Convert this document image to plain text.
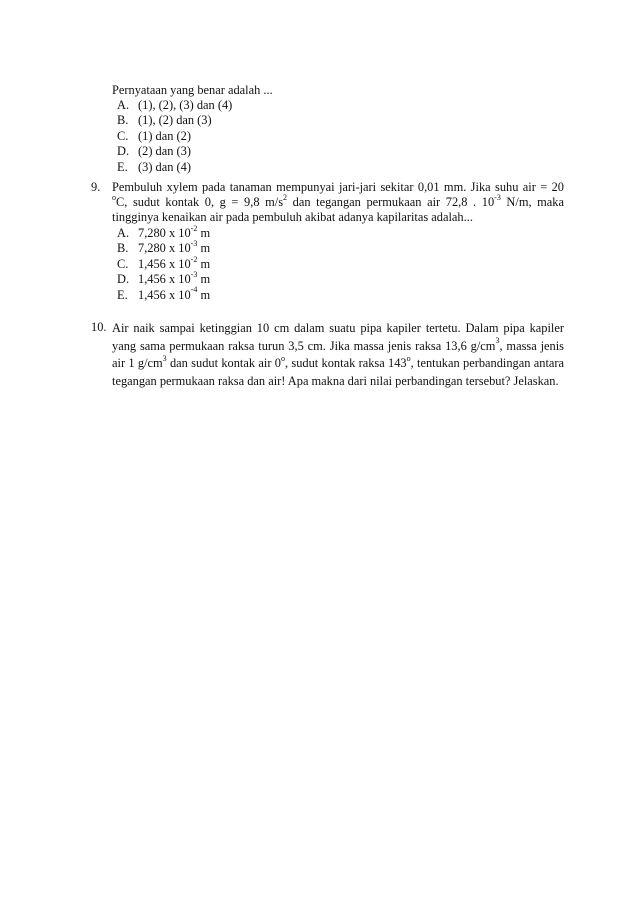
Pernyataan yang benar adalah ...
A. (1), (2), (3) dan (4)
B. (1), (2) dan (3)
C. (1) dan (2)
D. (2) dan (3)
E. (3) dan (4)
9. Pembuluh xylem pada tanaman mempunyai jari-jari sekitar 0,01 mm. Jika suhu air = 20 $^o$C, sudut kontak 0, g = 9,8 $m/s^2$ dan tegangan permukaan air 72,8 . $10^{-3}$ N/m, maka tingginya kenaikan air pada pembuluh akibat adanya kapilaritas adalah...
A. 7,280 x $10^{-2}$ m
B. 7,280 x $10^{-3}$ m
C. 1,456 x $10^{-2}$ m
D. 1,456 x $10^{-3}$ m
E. 1,456 x $10^{-4}$ m
10. Air naik sampai ketinggian 10 cm dalam suatu pipa kapiler tertetu. Dalam pipa kapiler yang sama permukaan raksa turun 3,5 cm. Jika massa jenis raksa 13,6 $g/cm^3$, massa jenis air 1 $g/cm^3$ dan sudut kontak air 0$^o$, sudut kontak raksa 143$^o$, tentukan perbandingan antara tegangan permukaan raksa dan air! Apa makna dari nilai perbandingan tersebut? Jelaskan.
